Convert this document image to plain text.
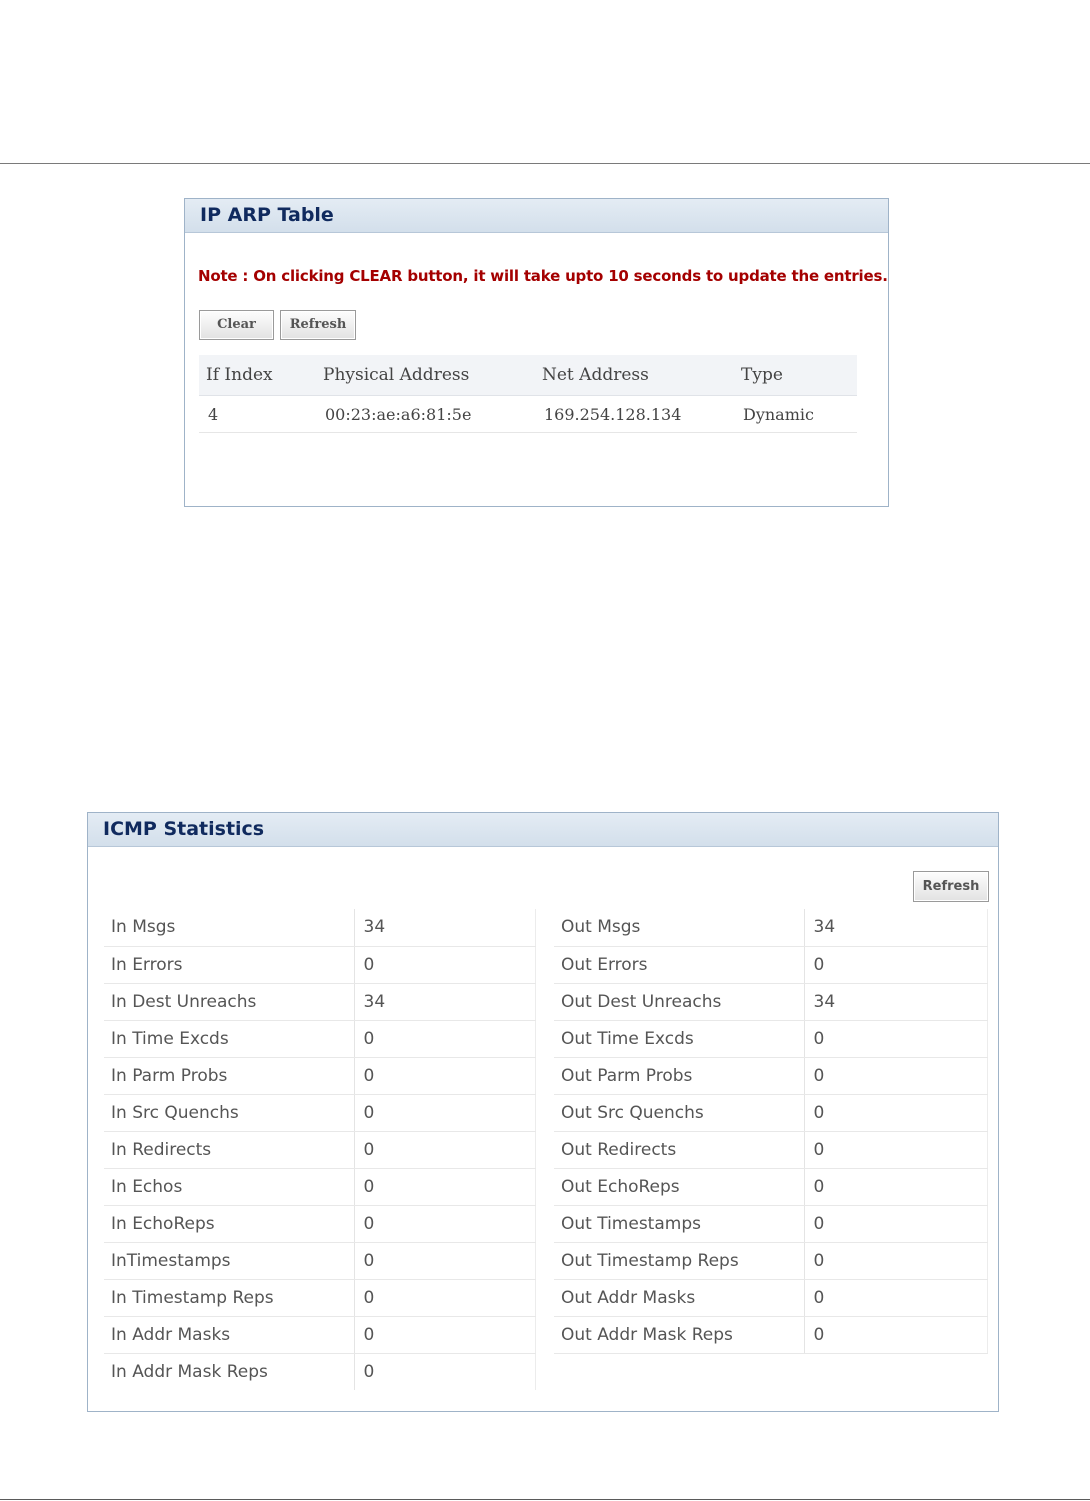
IP ARP Table
Note : On clicking CLEAR button, it will take upto 10 seconds to update the entries.
Clear	Refresh
If Index	Physical Address	Net Address	Type
4	00:23:ae:a6:81:5e	169.254.128.134	Dynamic
ICMP Statistics
Refresh
In Msgs	34
In Errors	0
In Dest Unreachs	34
In Time Excds	0
In Parm Probs	0
In Src Quenchs	0
In Redirects	0
In Echos	0
In EchoReps	0
InTimestamps	0
In Timestamp Reps	0
In Addr Masks	0
In Addr Mask Reps	0
Out Msgs	34
Out Errors	0
Out Dest Unreachs	34
Out Time Excds	0
Out Parm Probs	0
Out Src Quenchs	0
Out Redirects	0
Out EchoReps	0
Out Timestamps	0
Out Timestamp Reps	0
Out Addr Masks	0
Out Addr Mask Reps	0
